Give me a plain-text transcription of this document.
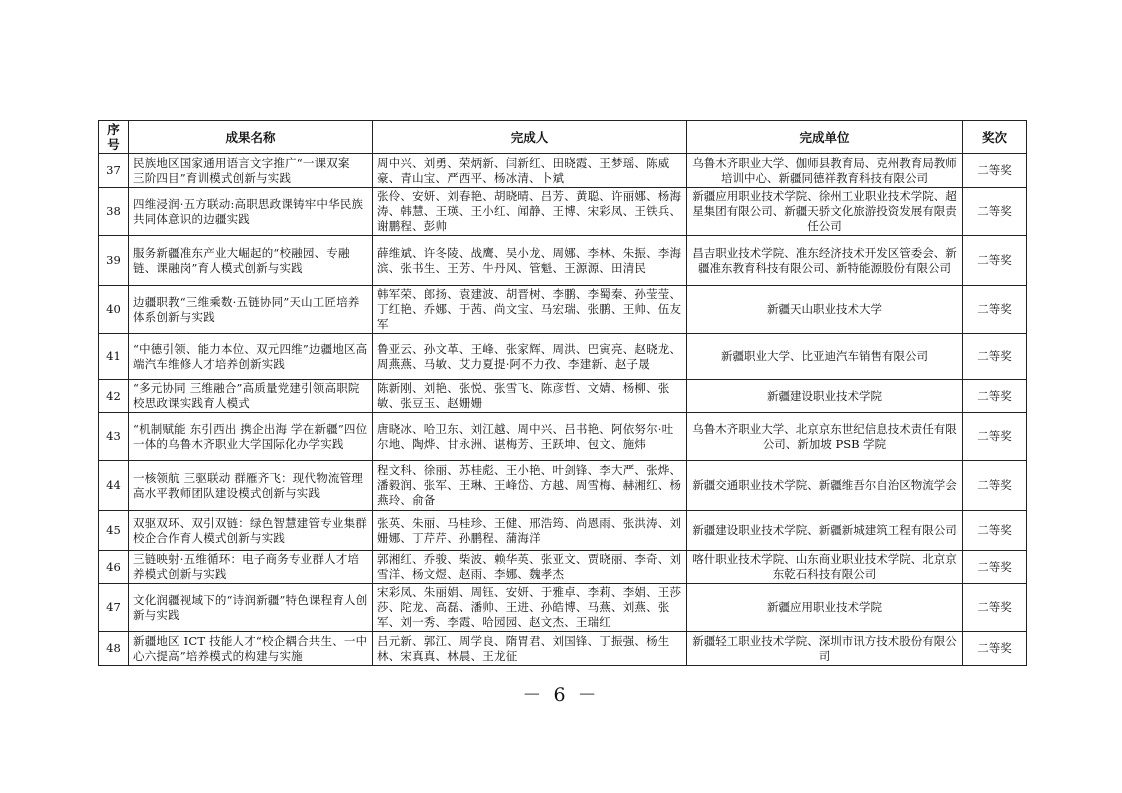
序号	成果名称	完成人	完成单位	奖次
37	民族地区国家通用语言文字推广“一课双案　三阶四目”育训模式创新与实践	周中兴、刘勇、荣炳新、闫新红、田晓霞、王梦瑶、陈威豪、青山宝、严西平、杨冰清、卜斌	乌鲁木齐职业大学、伽师县教育局、克州教育局教师培训中心、新疆同德祥教育科技有限公司	二等奖
38	四维浸润·五方联动:高职思政课铸牢中华民族共同体意识的边疆实践	张伶、安妍、刘春艳、胡晓晴、吕芳、黄聪、许丽娜、杨海涛、韩慧、王瑛、王小红、闻静、王博、宋彩凤、王铁兵、谢鹏程、彭帅	新疆应用职业技术学院、徐州工业职业技术学院、超星集团有限公司、新疆天骄文化旅游投资发展有限责任公司	二等奖
39	服务新疆准东产业大崛起的“校融园、专融链、课融岗”育人模式创新与实践	薛维斌、许冬陵、战鹰、吴小龙、周娜、李林、朱振、李海滨、张书生、王芳、牛丹风、管魁、王源源、田清民	昌吉职业技术学院、准东经济技术开发区管委会、新疆准东教育科技有限公司、新特能源股份有限公司	二等奖
40	边疆职教“三维乘数·五链协同”天山工匠培养体系创新与实践	韩军荣、郎扬、袁建波、胡晋树、李鹏、李蜀秦、孙莹莹、丁红艳、乔娜、于茜、尚文宝、马宏瑞、张鹏、王帅、伍友军	新疆天山职业技术大学	二等奖
41	“中德引领、能力本位、双元四维”边疆地区高端汽车维修人才培养创新实践	鲁亚云、孙文革、王峰、张家辉、周洪、巴寅亮、赵晓龙、周燕燕、马敏、艾力夏提·阿不力孜、李建新、赵子晟	新疆职业大学、比亚迪汽车销售有限公司	二等奖
42	“多元协同 三维融合”高质量党建引领高职院校思政课实践育人模式	陈新刚、刘艳、张悦、张雪飞、陈彦哲、文婧、杨柳、张敏、张豆玉、赵姗姗	新疆建设职业技术学院	二等奖
43	“机制赋能 东引西出 携企出海 学在新疆”四位一体的乌鲁木齐职业大学国际化办学实践	唐晓冰、哈卫东、刘江越、周中兴、吕书艳、阿依努尔·吐尔地、陶烨、甘永洲、谌梅芳、王跃坤、包文、施炜	乌鲁木齐职业大学、北京京东世纪信息技术责任有限公司、新加坡 PSB 学院	二等奖
44	一核领航 三驱联动 群雁齐飞：现代物流管理高水平教师团队建设模式创新与实践	程文科、徐丽、苏桂彪、王小艳、叶剑锋、李大严、张烨、潘毅润、张军、王琳、王峰岱、方越、周雪梅、赫湘红、杨燕玲、俞备	新疆交通职业技术学院、新疆维吾尔自治区物流学会	二等奖
45	双驱双环、双引双链：绿色智慧建管专业集群校企合作育人模式创新与实践	张英、朱丽、马桂珍、王健、邢浩筠、尚恩雨、张洪涛、刘姗娜、丁芹芹、孙鹏程、蒲海洋	新疆建设职业技术学院、新疆新城建筑工程有限公司	二等奖
46	三链映射·五维循环：电子商务专业群人才培养模式创新与实践	郭湘红、乔骏、柴波、赖华英、张亚文、贾晓丽、李奇、刘雪洋、杨文煜、赵雨、李娜、魏孝杰	喀什职业技术学院、山东商业职业技术学院、北京京东乾石科技有限公司	二等奖
47	文化润疆视域下的“诗润新疆”特色课程育人创新与实践	宋彩凤、朱丽娟、周钰、安妍、于雅卓、李莉、李娟、王莎莎、陀龙、高磊、潘帅、王进、孙皓博、马燕、刘燕、张军、刘一秀、李霞、哈园园、赵文杰、王瑞红	新疆应用职业技术学院	二等奖
48	新疆地区 ICT 技能人才“校企耦合共生、一中心六提高”培养模式的构建与实施	吕元新、郭江、周学良、隋胃君、刘国锋、丁振强、杨生林、宋真真、林晨、王龙征	新疆轻工职业技术学院、深圳市讯方技术股份有限公司	二等奖
－ 6 －
